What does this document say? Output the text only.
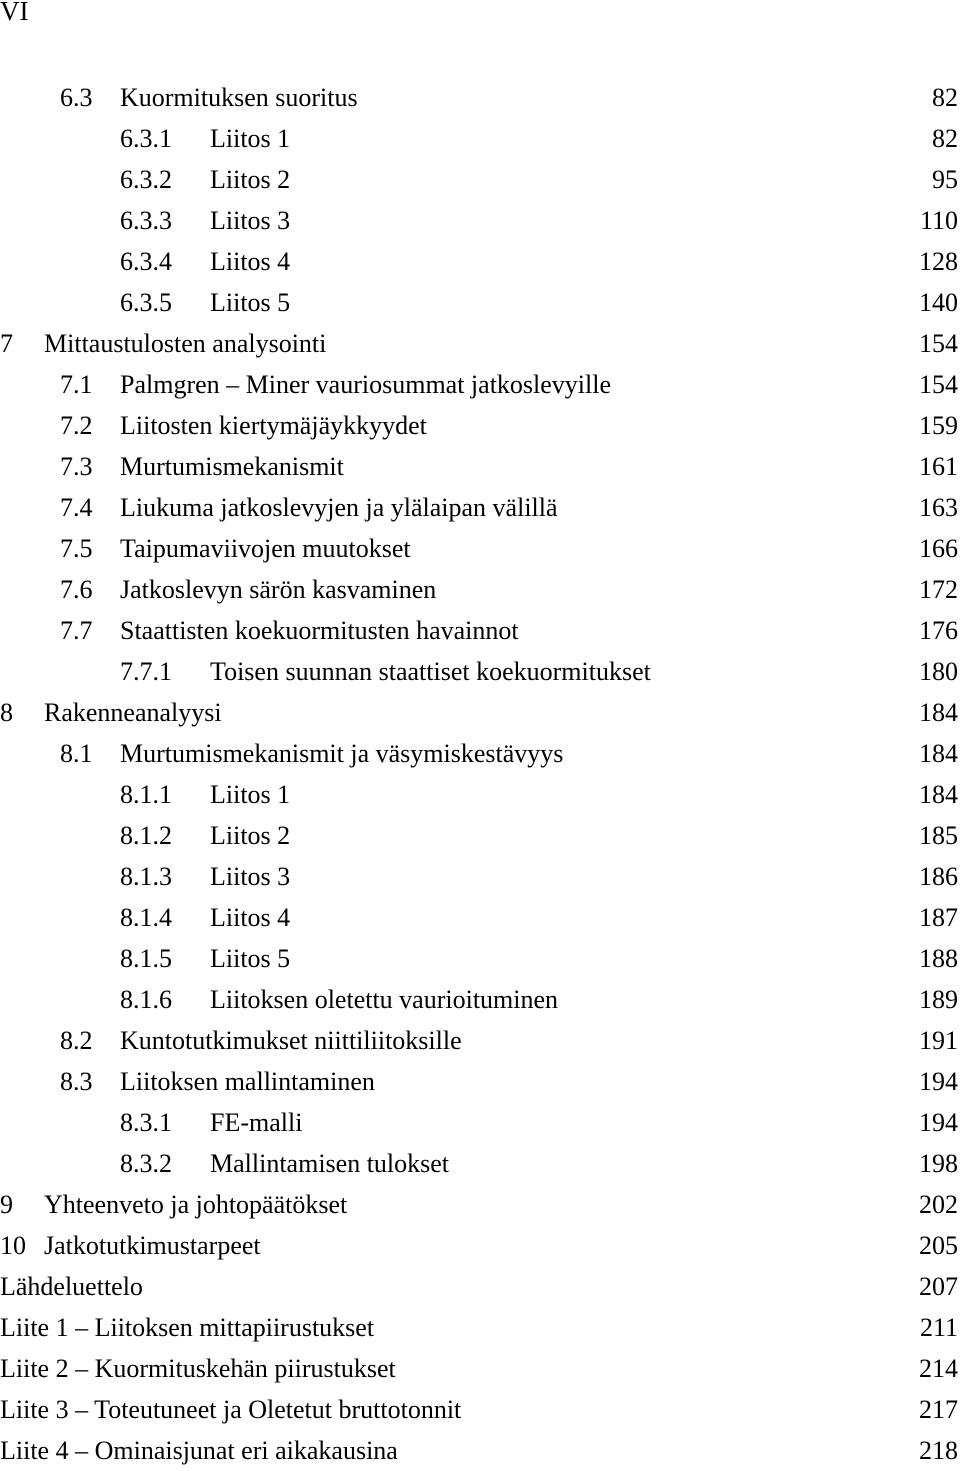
VI
6.3 Kuormituksen suoritus	82
6.3.1 Liitos 1	82
6.3.2 Liitos 2	95
6.3.3 Liitos 3	110
6.3.4 Liitos 4	128
6.3.5 Liitos 5	140
7 Mittaustulosten analysointi	154
7.1 Palmgren – Miner vauriosummat jatkoslevyille	154
7.2 Liitosten kiertymäjäykkyydet	159
7.3 Murtumismekanismit	161
7.4 Liukuma jatkoslevyjen ja ylälaipan välillä	163
7.5 Taipumaviivojen muutokset	166
7.6 Jatkoslevyn särön kasvaminen	172
7.7 Staattisten koekuormitusten havainnot	176
7.7.1 Toisen suunnan staattiset koekuormitukset	180
8 Rakenneanalyysi	184
8.1 Murtumismekanismit ja väsymiskestävyys	184
8.1.1 Liitos 1	184
8.1.2 Liitos 2	185
8.1.3 Liitos 3	186
8.1.4 Liitos 4	187
8.1.5 Liitos 5	188
8.1.6 Liitoksen oletettu vaurioituminen	189
8.2 Kuntotutkimukset niittiliitoksille	191
8.3 Liitoksen mallintaminen	194
8.3.1 FE-malli	194
8.3.2 Mallintamisen tulokset	198
9 Yhteenveto ja johtopäätökset	202
10 Jatkotutkimustarpeet	205
Lähdeluettelo	207
Liite 1 – Liitoksen mittapiirustukset	211
Liite 2 – Kuormituskehän piirustukset	214
Liite 3 – Toteutuneet ja Oletetut bruttotonnit	217
Liite 4 – Ominaisjunat eri aikakausina	218
